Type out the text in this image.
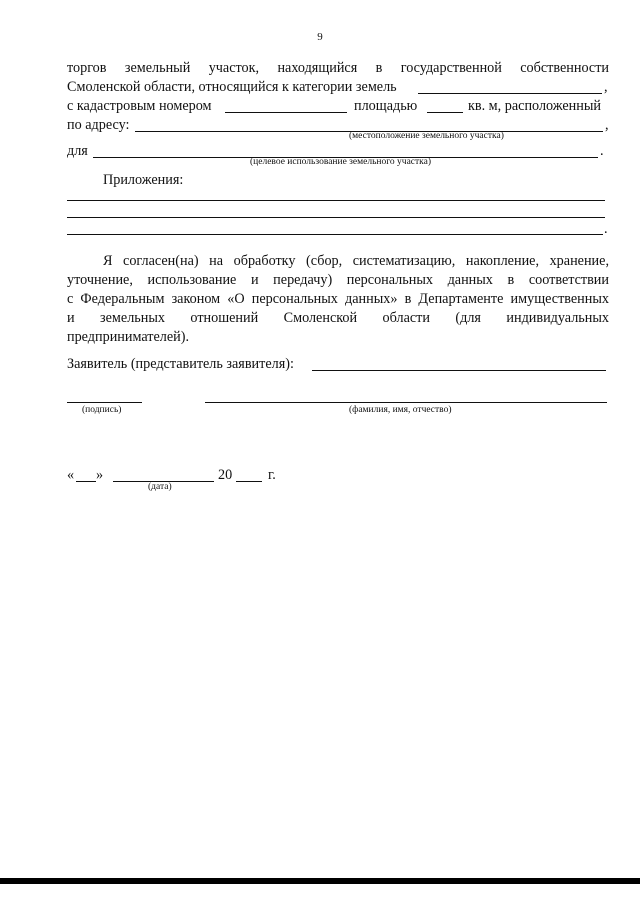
9
торгов земельный участок, находящийся в государственной собственности
Смоленской области, относящийся к категории земель	,
с кадастровым номером	площадью	кв. м, расположенный
по адресу:	,
(местоположение земельного участка)
для	.
(целевое использование земельного участка)
Приложения:
.
Я согласен(на) на обработку (сбор, систематизацию, накопление, хранение,
уточнение, использование и передачу) персональных данных в соответствии
с Федеральным законом «О персональных данных» в Департаменте имущественных
и земельных отношений Смоленской области (для индивидуальных
предпринимателей).
Заявитель (представитель заявителя):
(подпись)	(фамилия, имя, отчество)
« »	20	г.
(дата)
